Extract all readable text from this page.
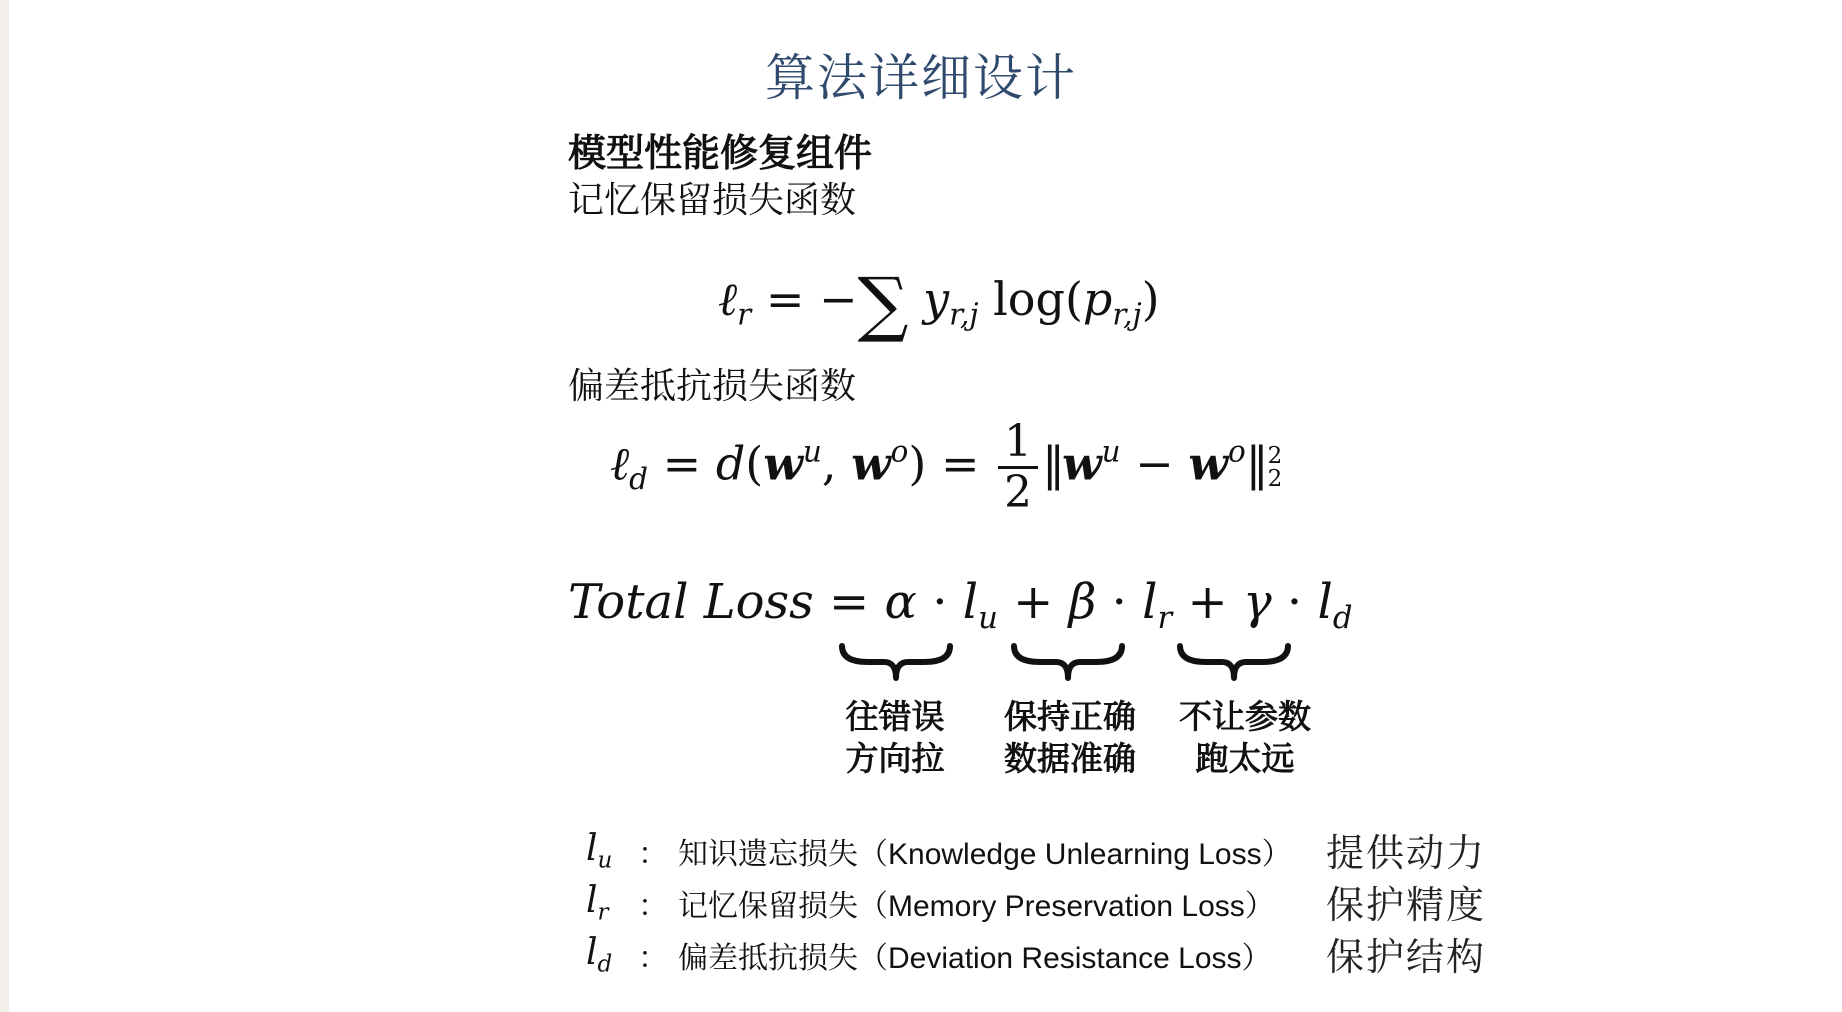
算法详细设计
模型性能修复组件
记忆保留损失函数
ℓ$_r$ = −∑ $y_{r,j}$ $\log(p_{r,j})$
偏差抵抗损失函数
ℓ$_d$ = $d(w^u$, $w^o) = \frac{1}{2}$ $‖w^u$ − $w^o‖$ 2
2
Total Loss = $\alpha \cdot l_u + \beta \cdot l_r + \gamma \cdot l_d$
往错误
方向拉
保持正确
数据准确
不让参数
跑太远
$l_u$ ： 知识遗忘损失（Knowledge Unlearning Loss） 提供动力
$l_r$ ： 记忆保留损失（Memory Preservation Loss） 保护精度
$l_d$ ： 偏差抵抗损失（Deviation Resistance Loss） 保护结构
